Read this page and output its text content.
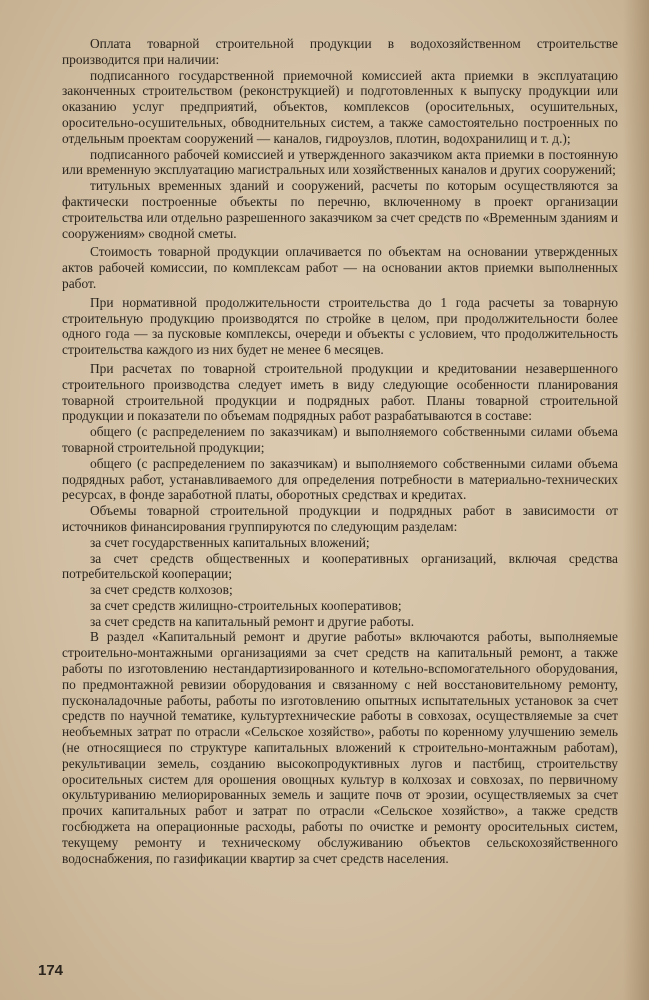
Оплата товарной строительной продукции в водохозяйственном строительстве производится при наличии:

подписанного государственной приемочной комиссией акта приемки в эксплуатацию законченных строительством (реконструкцией) и подготовленных к выпуску продукции или оказанию услуг предприятий, объектов, комплексов (оросительных, осушительных, оросительно-осушительных, обводнительных систем, а также самостоятельно построенных по отдельным проектам сооружений — каналов, гидроузлов, плотин, водохранилищ и т. д.);

подписанного рабочей комиссией и утвержденного заказчиком акта приемки в постоянную или временную эксплуатацию магистральных или хозяйственных каналов и других сооружений;

титульных временных зданий и сооружений, расчеты по которым осуществляются за фактически построенные объекты по перечню, включенному в проект организации строительства или отдельно разрешенного заказчиком за счет средств по «Временным зданиям и сооружениям» сводной сметы.

Стоимость товарной продукции оплачивается по объектам на основании утвержденных актов рабочей комиссии, по комплексам работ — на основании актов приемки выполненных работ.

При нормативной продолжительности строительства до 1 года расчеты за товарную строительную продукцию производятся по стройке в целом, при продолжительности более одного года — за пусковые комплексы, очереди и объекты с условием, что продолжительность строительства каждого из них будет не менее 6 месяцев.

При расчетах по товарной строительной продукции и кредитовании незавершенного строительного производства следует иметь в виду следующие особенности планирования товарной строительной продукции и подрядных работ. Планы товарной строительной продукции и показатели по объемам подрядных работ разрабатываются в составе:

общего (с распределением по заказчикам) и выполняемого собственными силами объема товарной строительной продукции;

общего (с распределением по заказчикам) и выполняемого собственными силами объема подрядных работ, устанавливаемого для определения потребности в материально-технических ресурсах, в фонде заработной платы, оборотных средствах и кредитах.

Объемы товарной строительной продукции и подрядных работ в зависимости от источников финансирования группируются по следующим разделам:

за счет государственных капитальных вложений;

за счет средств общественных и кооперативных организаций, включая средства потребительской кооперации;

за счет средств колхозов;

за счет средств жилищно-строительных кооперативов;

за счет средств на капитальный ремонт и другие работы.

В раздел «Капитальный ремонт и другие работы» включаются работы, выполняемые строительно-монтажными организациями за счет средств на капитальный ремонт, а также работы по изготовлению нестандартизированного и котельно-вспомогательного оборудования, по предмонтажной ревизии оборудования и связанному с ней восстановительному ремонту, пусконаладочные работы, работы по изготовлению опытных испытательных установок за счет средств по научной тематике, культуртехнические работы в совхозах, осуществляемые за счет необъемных затрат по отрасли «Сельское хозяйство», работы по коренному улучшению земель (не относящиеся по структуре капитальных вложений к строительно-монтажным работам), рекультивации земель, созданию высокопродуктивных лугов и пастбищ, строительству оросительных систем для орошения овощных культур в колхозах и совхозах, по первичному окультуриванию мелиорированных земель и защите почв от эрозии, осуществляемых за счет прочих капитальных работ и затрат по отрасли «Сельское хозяйство», а также средств госбюджета на операционные расходы, работы по очистке и ремонту оросительных систем, текущему ремонту и техническому обслуживанию объектов сельскохозяйственного водоснабжения, по газификации квартир за счет средств населения.

174
